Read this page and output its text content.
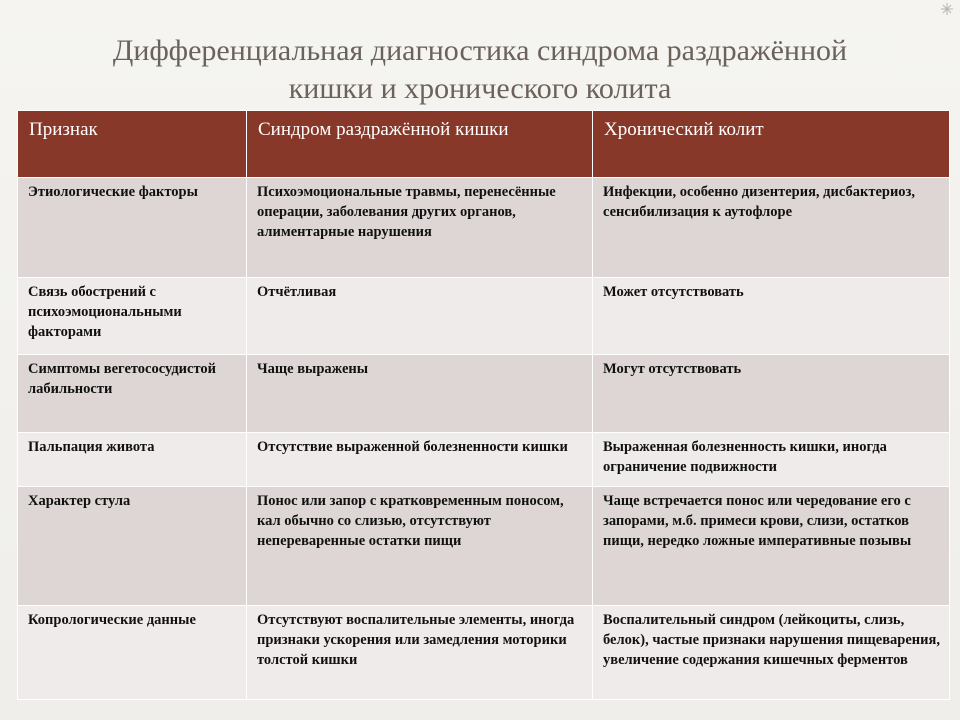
Дифференциальная диагностика синдрома раздражённой
кишки и хронического колита
Признак	Синдром раздражённой кишки	Хронический колит
Этиологические факторы	Психоэмоциональные травмы, перенесённые операции, заболевания других органов, алиментарные нарушения	Инфекции, особенно дизентерия, дисбактериоз, сенсибилизация к аутофлоре
Связь обострений с психоэмоциональными факторами	Отчётливая	Может отсутствовать
Симптомы вегетососудистой лабильности	Чаще выражены	Могут отсутствовать
Пальпация живота	Отсутствие выраженной болезненности кишки	Выраженная болезненность кишки, иногда ограничение подвижности
Характер стула	Понос или запор с кратковременным поносом, кал обычно со слизью, отсутствуют непереваренные остатки пищи	Чаще встречается понос или чередование его с запорами, м.б. примеси крови, слизи, остатков пищи, нередко ложные императивные позывы
Копрологические данные	Отсутствуют воспалительные элементы, иногда признаки ускорения или замедления моторики толстой кишки	Воспалительный синдром (лейкоциты, слизь, белок), частые признаки нарушения пищеварения, увеличение содержания кишечных ферментов
